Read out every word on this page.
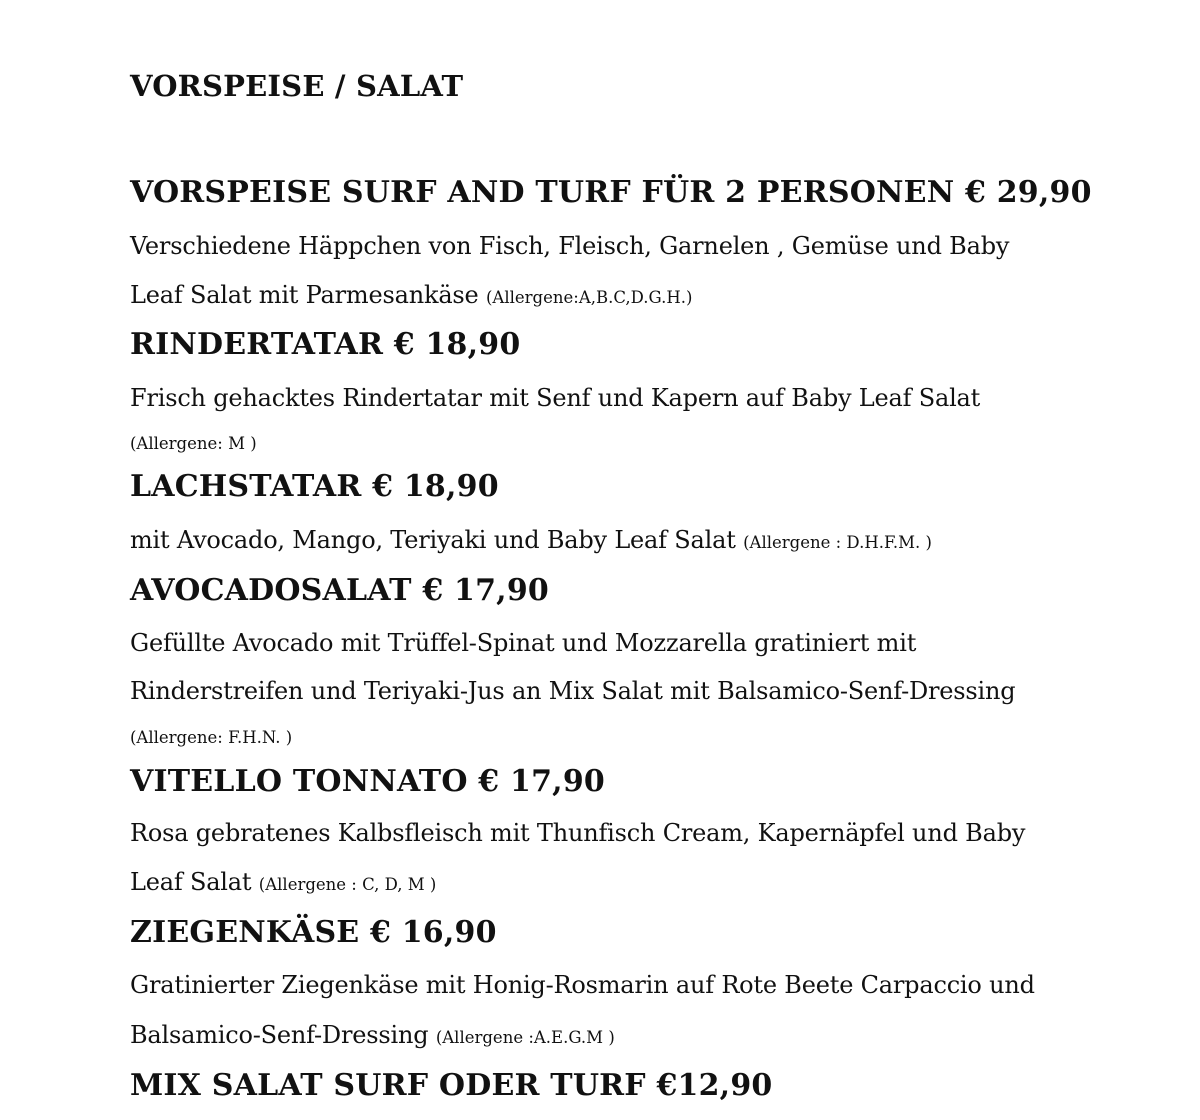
VORSPEISE / SALAT
VORSPEISE SURF AND TURF FÜR 2 PERSONEN € 29,90
Verschiedene Häppchen von Fisch, Fleisch, Garnelen , Gemüse und Baby
Leaf Salat mit Parmesankäse (Allergene:A,B.C,D.G.H.)
RINDERTATAR € 18,90
Frisch gehacktes Rindertatar mit Senf und Kapern auf Baby Leaf Salat
(Allergene: M )
LACHSTATAR € 18,90
mit Avocado, Mango, Teriyaki und Baby Leaf Salat (Allergene : D.H.F.M. )
AVOCADOSALAT € 17,90
Gefüllte Avocado mit Trüffel-Spinat und Mozzarella gratiniert mit
Rinderstreifen und Teriyaki-Jus an Mix Salat mit Balsamico-Senf-Dressing
(Allergene: F.H.N. )
VITELLO TONNATO € 17,90
Rosa gebratenes Kalbsfleisch mit Thunfisch Cream, Kapernäpfel und Baby
Leaf Salat (Allergene : C, D, M )
ZIEGENKÄSE € 16,90
Gratinierter Ziegenkäse mit Honig-Rosmarin auf Rote Beete Carpaccio und
Balsamico-Senf-Dressing (Allergene :A.E.G.M )
MIX SALAT SURF ODER TURF €12,90
